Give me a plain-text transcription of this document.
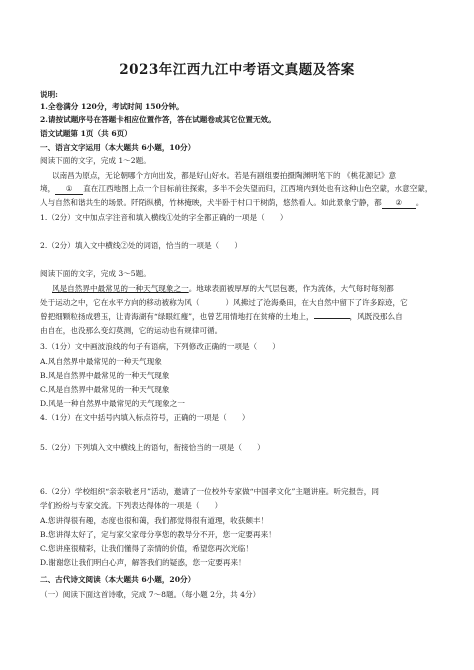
2023年江西九江中考语文真题及答案
说明:
1.全卷满分 120分，考试时间 150分钟。
2.请按试题序号在答题卡相应位置作答，答在试题卷或其它位置无效。
语文试题第 1页（共 6页）
一、语言文字运用（本大题共 6小题，10分）
阅读下面的文字，完成 1～2题。
以南昌为原点，无论朝哪个方向出发，都是好山好水。若是有剧组要拍摄陶渊明笔下的 《桃花源记》意
境， ① 直在江西地图上点一个目标前往探索，多半不会失望而归，江西境内到处也有这种山色空蒙，水意空蒙，
人与自然和谐共生的场景。阡陌纵横，竹林掩映，犬半卧于村口干树荫，悠然看人。如此景象宁静，都 ② 。
1.（2分）文中加点字注音和填入横线①处的字全都正确的一项是（　　）
2.（2分）填入文中横线②处的词语，恰当的一项是（　　）
阅读下面的文字，完成 3～5题。
风是自然界中最常见的一种天气现象之一。地球表面被厚厚的大气层包裹，作为流体，大气每时每刻都
处于运动之中，它在水平方向的移动被称为风（	）风拂过了沧海桑田，在大自然中留下了许多踪迹，它
曾把细颗粒扬成碧玉，让青海湖有“绿眼红瘦”，也曾艺用情地打在贫瘠的土地上，	，风既没那么自
由自在，也没那么变幻莫测，它的运动也有规律可循。
3.（1分）文中画波浪线的句子有语病，下列修改正确的一项是（　　）
A.风自然界中最常见的一种天气现象
B.风是自然界中最常见的一种天气现象
C.风是自然界中最常见的一种天气现象
D.风是一种自然界中最常见的天气现象之一
4.（1分）在文中括号内填入标点符号，正确的一项是（　　）
5.（2分）下列填入文中横线上的语句，衔接恰当的一项是（　　）
6.（2分）学校组织“亲亲敬老月”活动，邀请了一位校外专家做“中国孝文化”主题讲座。听完报告，同
学们纷纷与专家交流。下列表达得体的一项是（　　）
A.您讲得很有趣，态度也很和蔼，我们都觉得很有道理，收获颇丰！
B.您讲得太好了，定与家父家母分享您的教导分不开，您一定要再来！
C.您讲座很精彩，让我们懂得了亲情的价值，希望您再次光临！
D.谢谢您让我们明白心声，解答我们的疑惑，您一定要再来！
二、古代诗文阅读（本大题共 6小题，20分）
（一）阅读下面这首诗歌，完成 7～8题。（每小题 2分，共 4分）
